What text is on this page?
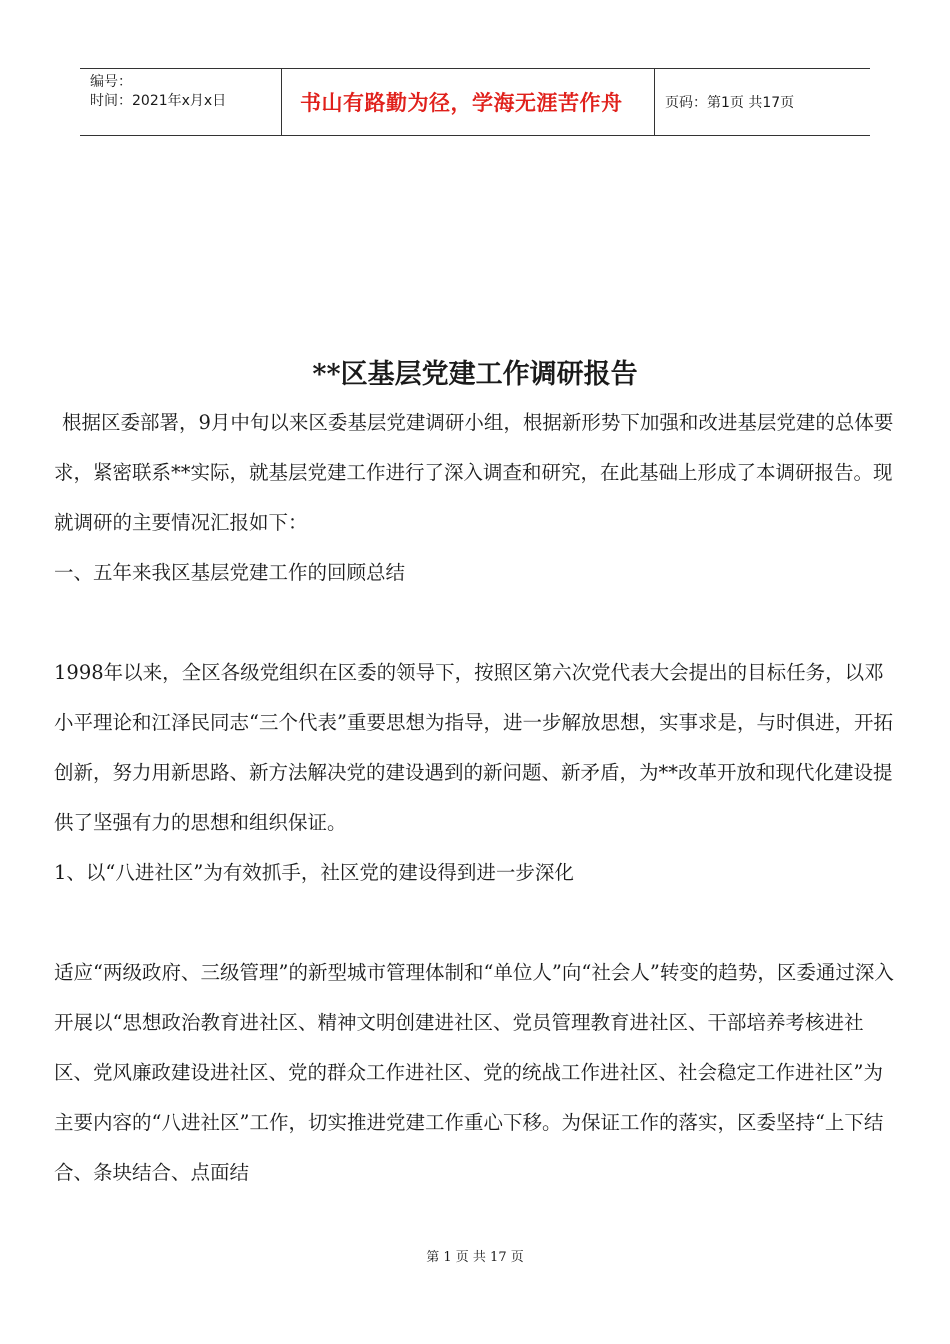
编号：
时间：2021年x月x日	书山有路勤为径，学海无涯苦作舟	页码：第1页 共17页
**区基层党建工作调研报告

根据区委部署，9月中旬以来区委基层党建调研小组，根据新形势下加强和改进基层党建的总体要求，紧密联系**实际，就基层党建工作进行了深入调查和研究，在此基础上形成了本调研报告。现就调研的主要情况汇报如下：

一、五年来我区基层党建工作的回顾总结

1998年以来，全区各级党组织在区委的领导下，按照区第六次党代表大会提出的目标任务，以邓小平理论和江泽民同志“三个代表”重要思想为指导，进一步解放思想，实事求是，与时俱进，开拓创新，努力用新思路、新方法解决党的建设遇到的新问题、新矛盾，为**改革开放和现代化建设提供了坚强有力的思想和组织保证。

1、以“八进社区”为有效抓手，社区党的建设得到进一步深化

适应“两级政府、三级管理”的新型城市管理体制和“单位人”向“社会人”转变的趋势，区委通过深入开展以“思想政治教育进社区、精神文明创建进社区、党员管理教育进社区、干部培养考核进社区、党风廉政建设进社区、党的群众工作进社区、党的统战工作进社区、社会稳定工作进社区”为主要内容的“八进社区”工作，切实推进党建工作重心下移。为保证工作的落实，区委坚持“上下结合、条块结合、点面结

第 1 页 共 17 页
